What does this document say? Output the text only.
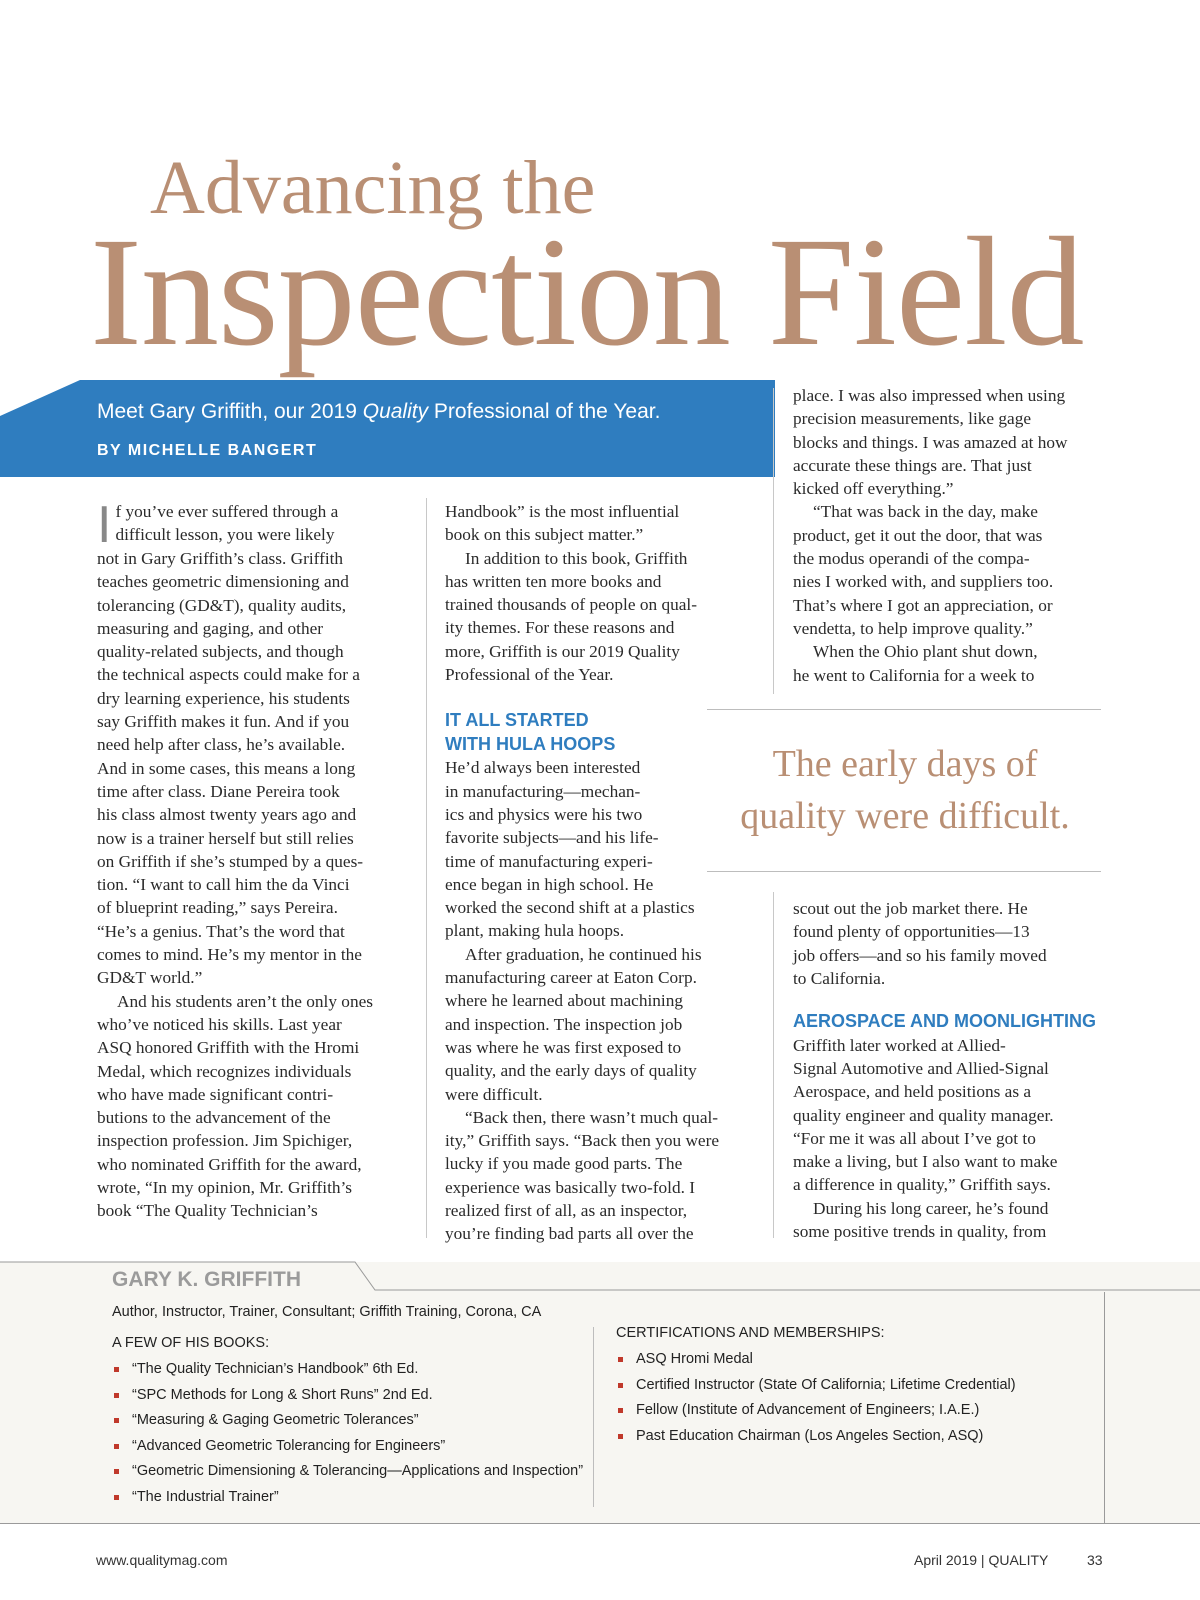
Advancing the
Inspection Field
Meet Gary Griffith, our 2019 Quality Professional of the Year.
BY MICHELLE BANGERT
I f you’ve ever suffered through a
difficult lesson, you were likely
not in Gary Griffith’s class. Griffith
teaches geometric dimensioning and
tolerancing (GD&T), quality audits,
measuring and gaging, and other
quality-related subjects, and though
the technical aspects could make for a
dry learning experience, his students
say Griffith makes it fun. And if you
need help after class, he’s available.
And in some cases, this means a long
time after class. Diane Pereira took
his class almost twenty years ago and
now is a trainer herself but still relies
on Griffith if she’s stumped by a ques-
tion. “I want to call him the da Vinci
of blueprint reading,” says Pereira.
“He’s a genius. That’s the word that
comes to mind. He’s my mentor in the
GD&T world.”
And his students aren’t the only ones
who’ve noticed his skills. Last year
ASQ honored Griffith with the Hromi
Medal, which recognizes individuals
who have made significant contri-
butions to the advancement of the
inspection profession. Jim Spichiger,
who nominated Griffith for the award,
wrote, “In my opinion, Mr. Griffith’s
book “The Quality Technician’s
Handbook” is the most influential
book on this subject matter.”
In addition to this book, Griffith
has written ten more books and
trained thousands of people on qual-
ity themes. For these reasons and
more, Griffith is our 2019 Quality
Professional of the Year.
IT ALL STARTED
WITH HULA HOOPS
He’d always been interested
in manufacturing—mechan-
ics and physics were his two
favorite subjects—and his life-
time of manufacturing experi-
ence began in high school. He
worked the second shift at a plastics
plant, making hula hoops.
After graduation, he continued his
manufacturing career at Eaton Corp.
where he learned about machining
and inspection. The inspection job
was where he was first exposed to
quality, and the early days of quality
were difficult.
“Back then, there wasn’t much qual-
ity,” Griffith says. “Back then you were
lucky if you made good parts. The
experience was basically two-fold. I
realized first of all, as an inspector,
you’re finding bad parts all over the
place. I was also impressed when using
precision measurements, like gage
blocks and things. I was amazed at how
accurate these things are. That just
kicked off everything.”
“That was back in the day, make
product, get it out the door, that was
the modus operandi of the compa-
nies I worked with, and suppliers too.
That’s where I got an appreciation, or
vendetta, to help improve quality.”
When the Ohio plant shut down,
he went to California for a week to
The early days of
quality were difficult.
scout out the job market there. He
found plenty of opportunities—13
job offers—and so his family moved
to California.
AEROSPACE AND MOONLIGHTING
Griffith later worked at Allied-
Signal Automotive and Allied-Signal
Aerospace, and held positions as a
quality engineer and quality manager.
“For me it was all about I’ve got to
make a living, but I also want to make
a difference in quality,” Griffith says.
During his long career, he’s found
some positive trends in quality, from
GARY K. GRIFFITH
Author, Instructor, Trainer, Consultant; Griffith Training, Corona, CA
A FEW OF HIS BOOKS:
“The Quality Technician’s Handbook” 6th Ed.
“SPC Methods for Long & Short Runs” 2nd Ed.
“Measuring & Gaging Geometric Tolerances”
“Advanced Geometric Tolerancing for Engineers”
“Geometric Dimensioning & Tolerancing—Applications and Inspection”
“The Industrial Trainer”
CERTIFICATIONS AND MEMBERSHIPS:
ASQ Hromi Medal
Certified Instructor (State Of California; Lifetime Credential)
Fellow (Institute of Advancement of Engineers; I.A.E.)
Past Education Chairman (Los Angeles Section, ASQ)
www.qualitymag.com	April 2019 | QUALITY	33
